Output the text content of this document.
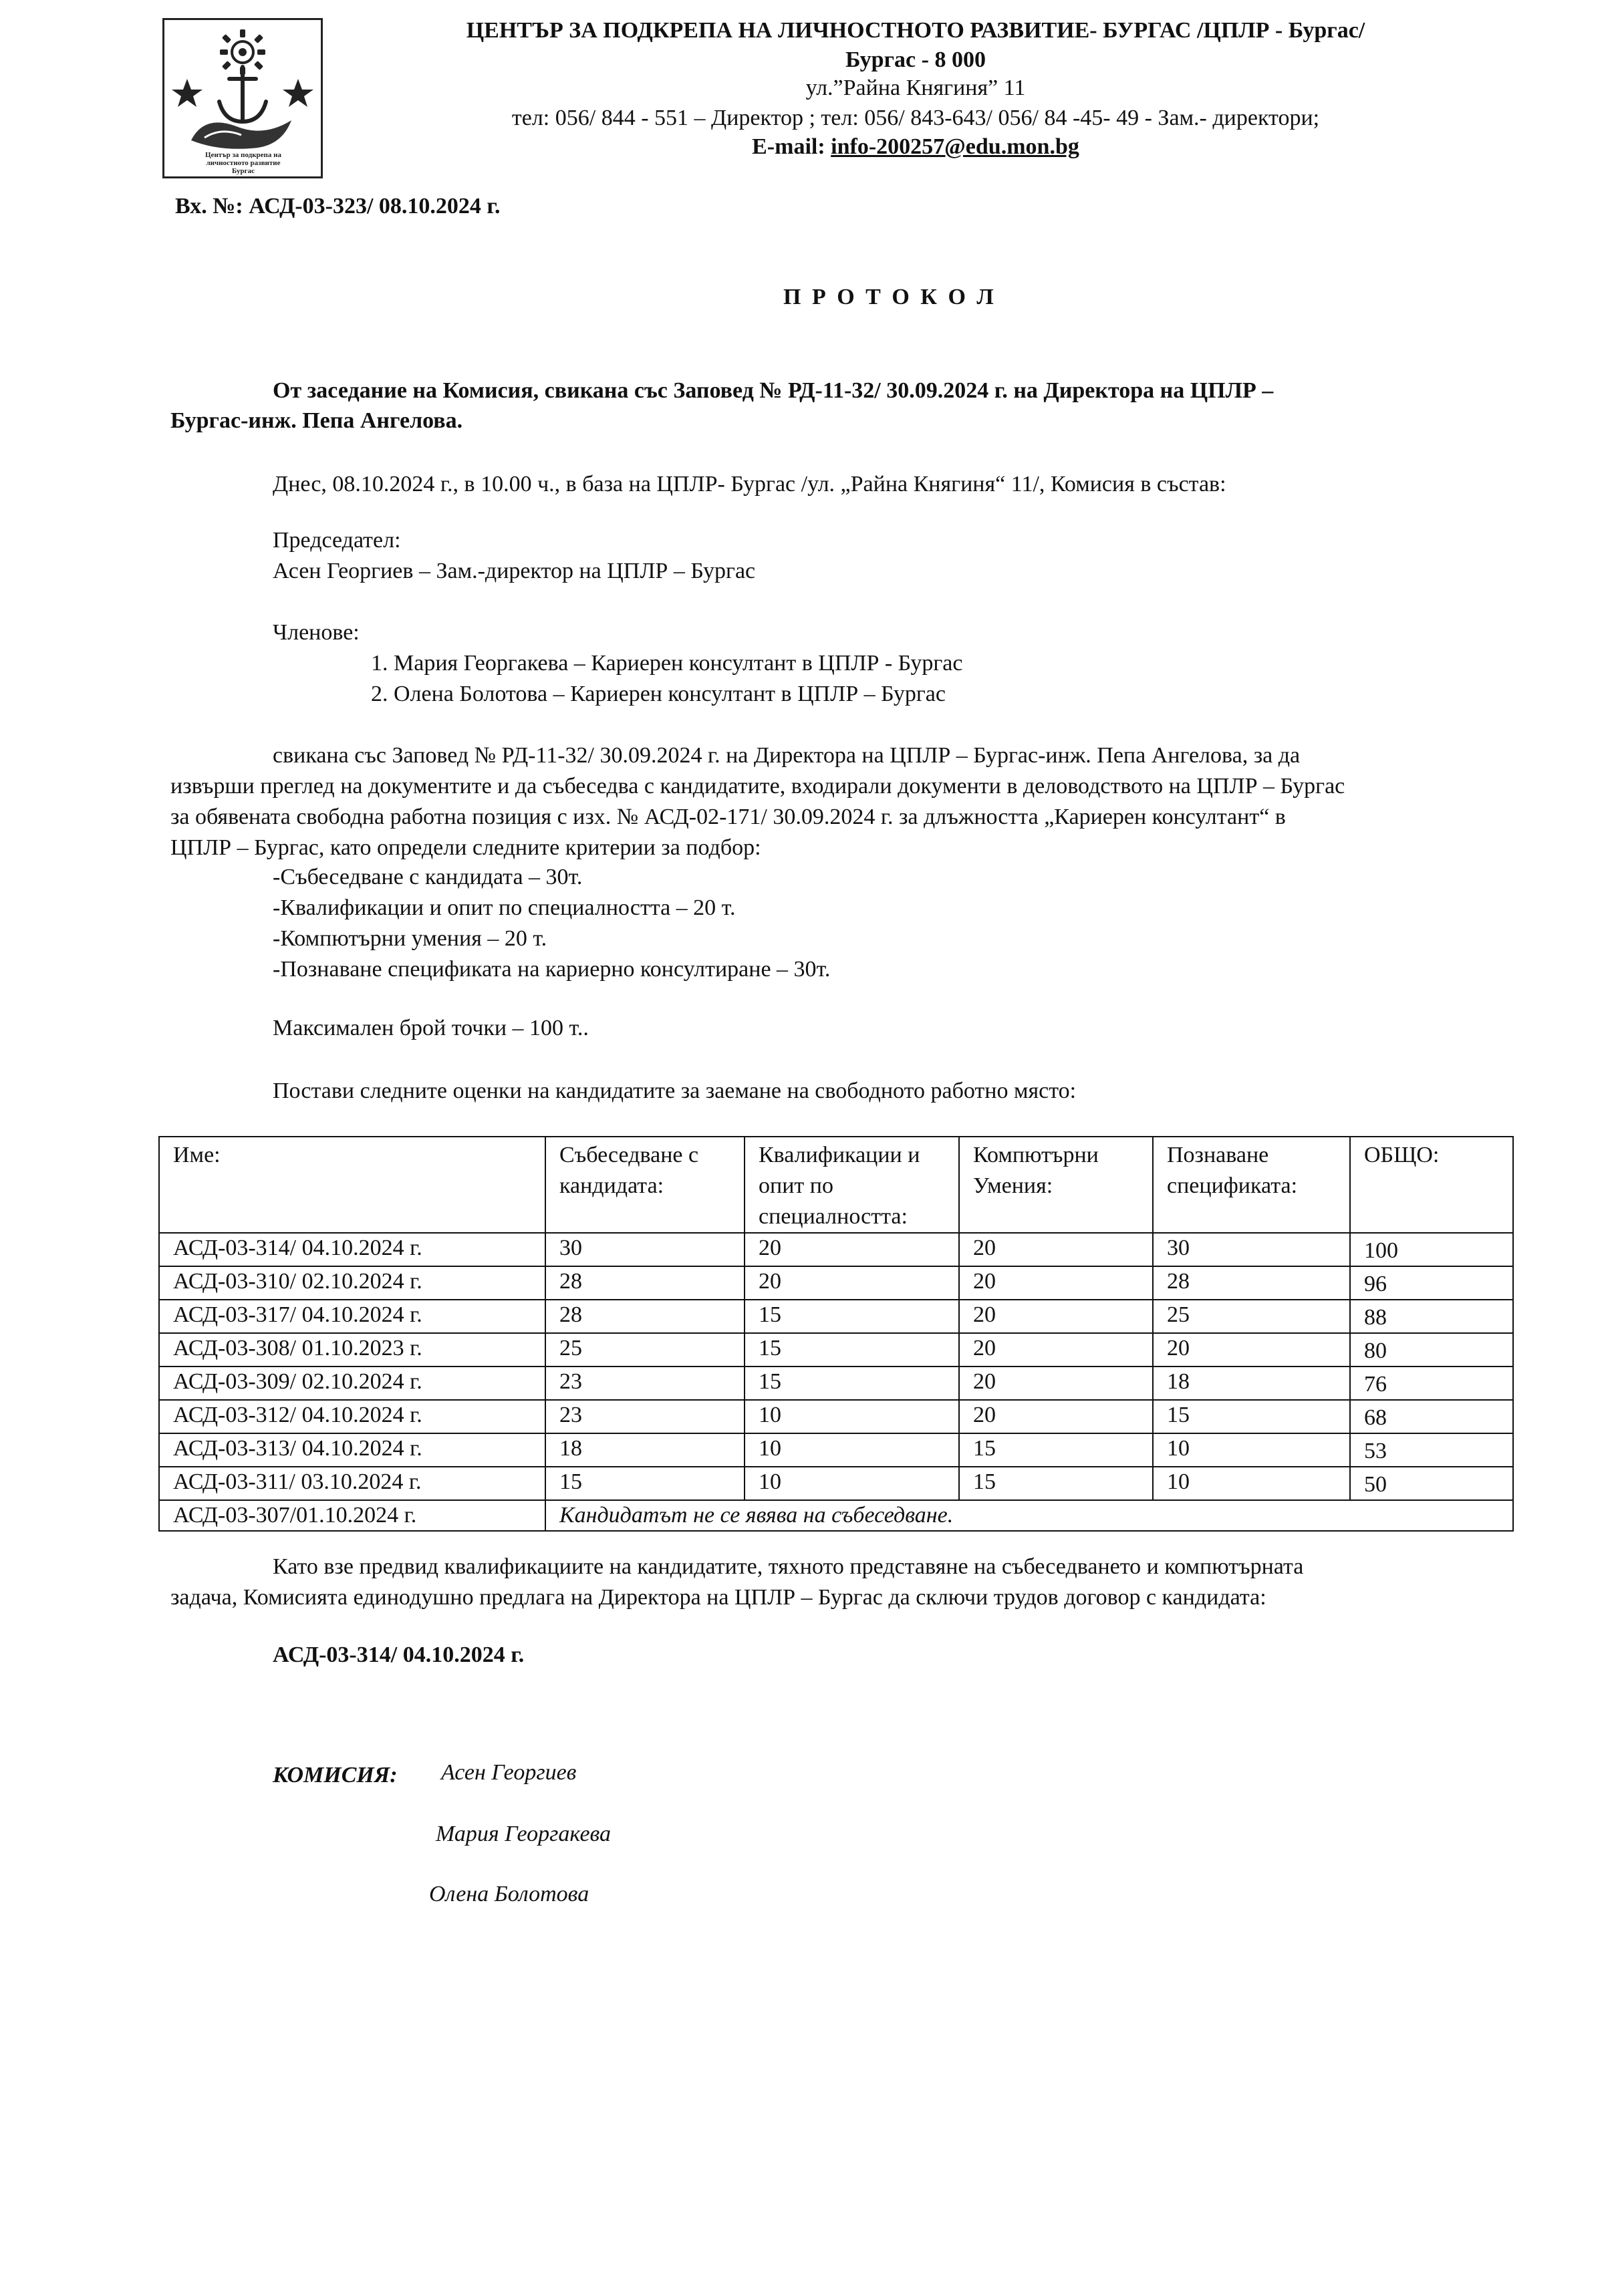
Център за подкрепа на
личностното развитие
Бургас
ЦЕНТЪР ЗА ПОДКРЕПА НА ЛИЧНОСТНОТО РАЗВИТИЕ- БУРГАС /ЦПЛР - Бургас/
Бургас - 8 000
ул.”Райна Княгиня” 11
тел: 056/ 844 - 551 – Директор ; тел: 056/ 843-643/ 056/ 84 -45- 49 - Зам.- директори;
E-mail: info-200257@edu.mon.bg
Вх. №: АСД-03-323/ 08.10.2024 г.
П Р О Т О К О Л
От заседание на Комисия, свикана със Заповед № РД-11-32/ 30.09.2024 г. на Директора на ЦПЛР –
Бургас-инж. Пепа Ангелова.
Днес, 08.10.2024 г., в 10.00 ч., в база на ЦПЛР- Бургас /ул. „Райна Княгиня“ 11/, Комисия в състав:
Председател:
Асен Георгиев – Зам.-директор на ЦПЛР – Бургас
Членове:
1. Мария Георгакева – Кариерен консултант в ЦПЛР - Бургас
2. Олена Болотова – Кариерен консултант в ЦПЛР – Бургас
свикана със Заповед № РД-11-32/ 30.09.2024 г. на Директора на ЦПЛР – Бургас-инж. Пепа Ангелова, за да
извърши преглед на документите и да събеседва с кандидатите, входирали документи в деловодството на ЦПЛР – Бургас
за обявената свободна работна позиция с изх. № АСД-02-171/ 30.09.2024 г. за длъжността „Кариерен консултант“ в
ЦПЛР – Бургас, като определи следните критерии за подбор:
-Събеседване с кандидата – 30т.
-Квалификации и опит по специалността – 20 т.
-Компютърни умения – 20 т.
-Познаване спецификата на кариерно консултиране – 30т.
Максимален брой точки – 100 т..
Постави следните оценки на кандидатите за заемане на свободното работно място:
Име:	Събеседване с кандидата:	Квалификации и опит по специалността:	Компютърни Умения:	Познаване спецификата:	ОБЩО:
АСД-03-314/ 04.10.2024 г.	30	20	20	30	100
АСД-03-310/ 02.10.2024 г.	28	20	20	28	96
АСД-03-317/ 04.10.2024 г.	28	15	20	25	88
АСД-03-308/ 01.10.2023 г.	25	15	20	20	80
АСД-03-309/ 02.10.2024 г.	23	15	20	18	76
АСД-03-312/ 04.10.2024 г.	23	10	20	15	68
АСД-03-313/ 04.10.2024 г.	18	10	15	10	53
АСД-03-311/ 03.10.2024 г.	15	10	15	10	50
АСД-03-307/01.10.2024 г.	Кандидатът не се явява на събеседване.				
Като взе предвид квалификациите на кандидатите, тяхното представяне на събеседването и компютърната
задача, Комисията единодушно предлага на Директора на ЦПЛР – Бургас да сключи трудов договор с кандидата:
АСД-03-314/ 04.10.2024 г.
КОМИСИЯ: Асен Георгиев
Мария Георгакева
Олена Болотова
